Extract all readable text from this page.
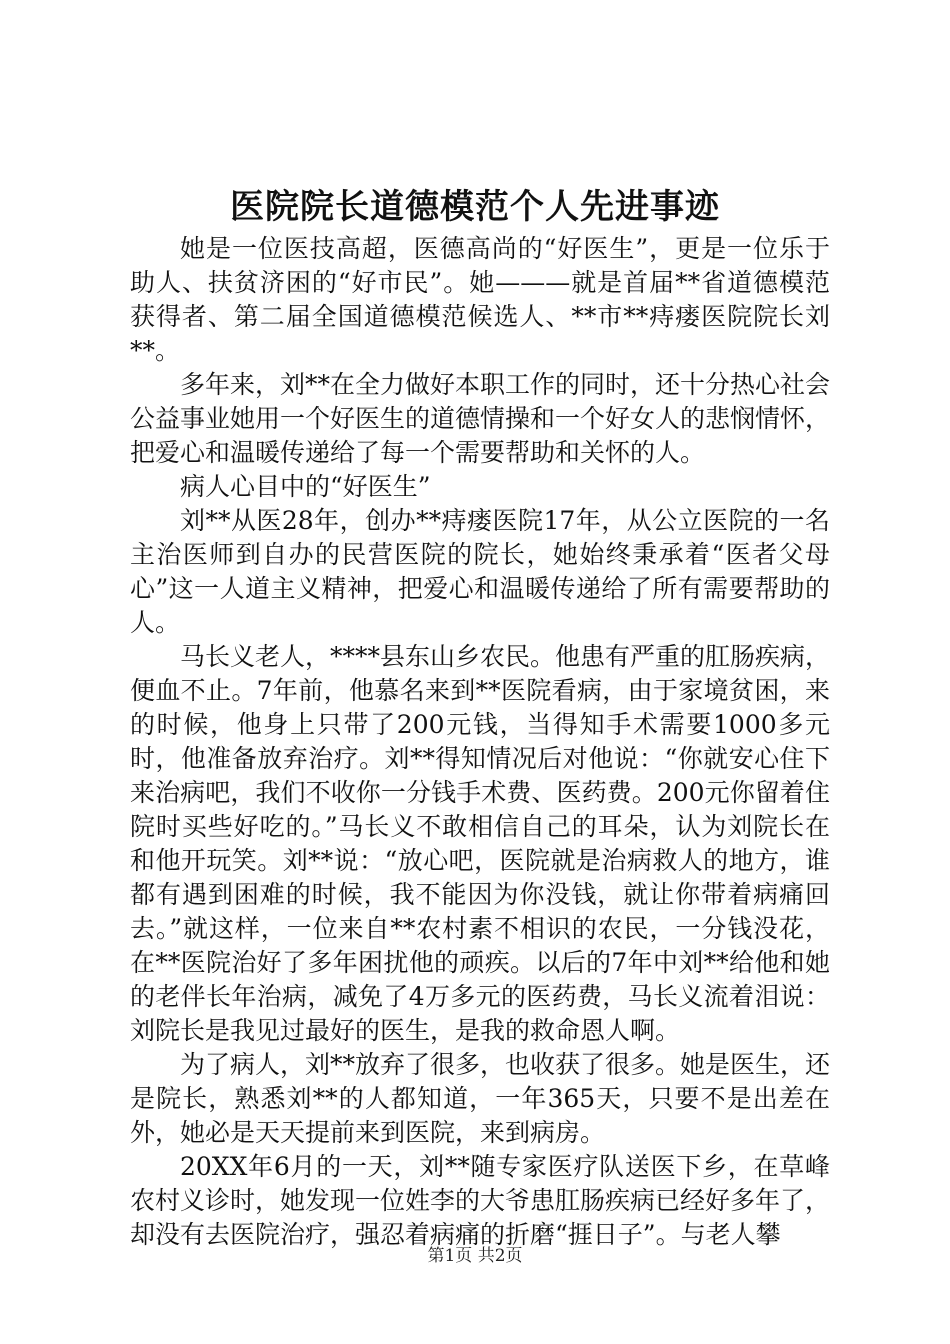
医院院长道德模范个人先进事迹

她是一位医技高超，医德高尚的“好医生”，更是一位乐于助人、扶贫济困的“好市民”。她———就是首届**省道德模范获得者、第二届全国道德模范候选人、**市**痔瘘医院院长刘**。

多年来，刘**在全力做好本职工作的同时，还十分热心社会公益事业她用一个好医生的道德情操和一个好女人的悲悯情怀，把爱心和温暖传递给了每一个需要帮助和关怀的人。

病人心目中的“好医生”

刘**从医28年，创办**痔瘘医院17年，从公立医院的一名主治医师到自办的民营医院的院长，她始终秉承着“医者父母心”这一人道主义精神，把爱心和温暖传递给了所有需要帮助的人。

马长义老人，****县东山乡农民。他患有严重的肛肠疾病，便血不止。7年前，他慕名来到**医院看病，由于家境贫困，来的时候，他身上只带了200元钱，当得知手术需要1000多元时，他准备放弃治疗。刘**得知情况后对他说：“你就安心住下来治病吧，我们不收你一分钱手术费、医药费。200元你留着住院时买些好吃的。”马长义不敢相信自己的耳朵，认为刘院长在和他开玩笑。刘**说：“放心吧，医院就是治病救人的地方，谁都有遇到困难的时候，我不能因为你没钱，就让你带着病痛回去。”就这样，一位来自**农村素不相识的农民，一分钱没花，在**医院治好了多年困扰他的顽疾。以后的7年中刘**给他和她的老伴长年治病，减免了4万多元的医药费，马长义流着泪说：刘院长是我见过最好的医生，是我的救命恩人啊。

为了病人，刘**放弃了很多，也收获了很多。她是医生，还是院长，熟悉刘**的人都知道，一年365天，只要不是出差在外，她必是天天提前来到医院，来到病房。

20XX年6月的一天，刘**随专家医疗队送医下乡，在草峰农村义诊时，她发现一位姓李的大爷患肛肠疾病已经好多年了，却没有去医院治疗，强忍着病痛的折磨“捱日子”。与老人攀

第1页 共2页
